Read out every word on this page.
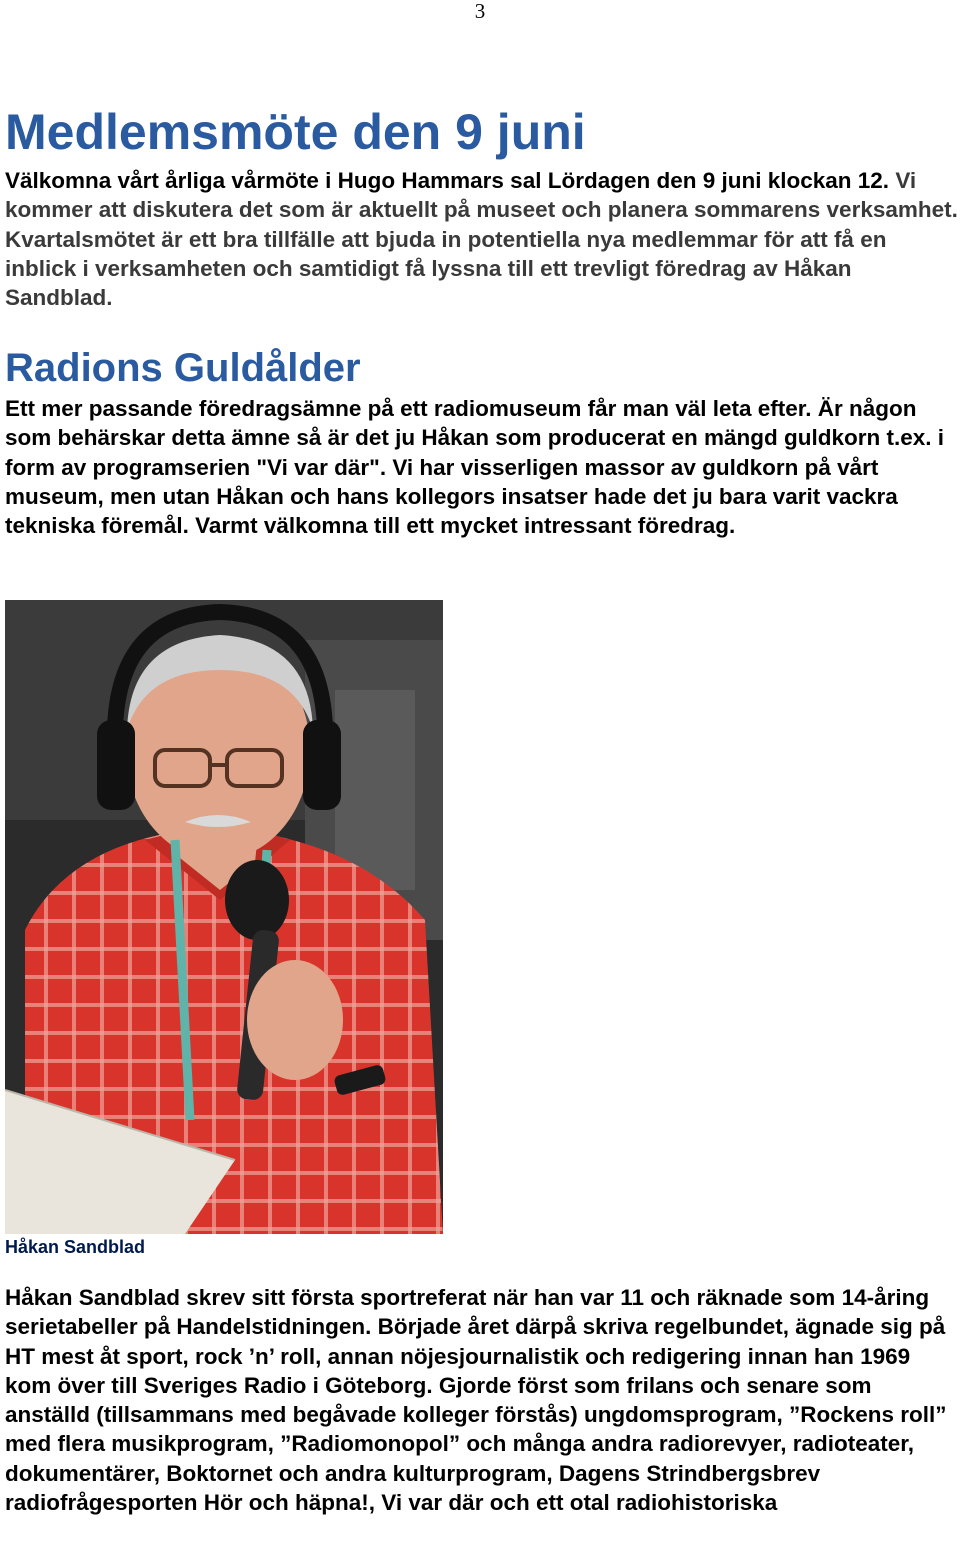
3
Medlemsmöte den 9 juni

Välkomna vårt årliga vårmöte i Hugo Hammars sal Lördagen den 9 juni klockan 12. Vi kommer att diskutera det som är aktuellt på museet och planera sommarens verksamhet. Kvartalsmötet är ett bra tillfälle att bjuda in potentiella nya medlemmar för att få en inblick i verksamheten och samtidigt få lyssna till ett trevligt föredrag av Håkan Sandblad.

Radions Guldålder

Ett mer passande föredragsämne på ett radiomuseum får man väl leta efter. Är någon som behärskar detta ämne så är det ju Håkan som producerat en mängd guldkorn t.ex. i form av programserien "Vi var där". Vi har visserligen massor av guldkorn på vårt museum, men utan Håkan och hans kollegors insatser hade det ju bara varit vackra tekniska föremål. Varmt välkomna till ett mycket intressant föredrag.

Håkan Sandblad

Håkan Sandblad skrev sitt första sportreferat när han var 11 och räknade som 14-åring serietabeller på Handelstidningen. Började året därpå skriva regelbundet, ägnade sig på HT mest åt sport, rock ’n’ roll, annan nöjesjournalistik och redigering innan han 1969 kom över till Sveriges Radio i Göteborg. Gjorde först som frilans och senare som anställd (tillsammans med begåvade kolleger förstås) ungdomsprogram, ”Rockens roll” med flera musikprogram, ”Radiomonopol” och många andra radiorevyer, radioteater, dokumentärer, Boktornet och andra kulturprogram, Dagens Strindbergsbrev radiofrågesporten Hör och häpna!, Vi var där och ett otal radiohistoriska
